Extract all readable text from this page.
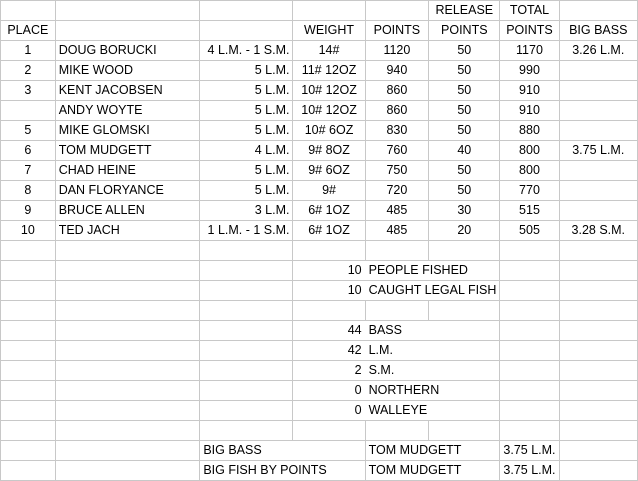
					RELEASE	TOTAL	
PLACE			WEIGHT	POINTS	POINTS	POINTS	BIG BASS
1	DOUG BORUCKI	4 L.M. - 1 S.M.	14#	1120	50	1170	3.26 L.M.
2	MIKE WOOD	5 L.M.	11# 12OZ	940	50	990	
3	KENT JACOBSEN	5 L.M.	10# 12OZ	860	50	910	
	ANDY WOYTE	5 L.M.	10# 12OZ	860	50	910	
5	MIKE GLOMSKI	5 L.M.	10# 6OZ	830	50	880	
6	TOM MUDGETT	4 L.M.	9# 8OZ	760	40	800	3.75 L.M.
7	CHAD HEINE	5 L.M.	9# 6OZ	750	50	800	
8	DAN FLORYANCE	5 L.M.	9#	720	50	770	
9	BRUCE ALLEN	3 L.M.	6# 1OZ	485	30	515	
10	TED JACH	1 L.M. - 1 S.M.	6# 1OZ	485	20	505	3.28 S.M.

			10	PEOPLE FISHED			
			10	CAUGHT LEGAL FISH			

			44	BASS			
			42	L.M.			
			2	S.M.			
			0	NORTHERN			
			0	WALLEYE			

		BIG BASS		TOM MUDGETT		3.75 L.M.	
		BIG FISH BY POINTS		TOM MUDGETT		3.75 L.M.	
